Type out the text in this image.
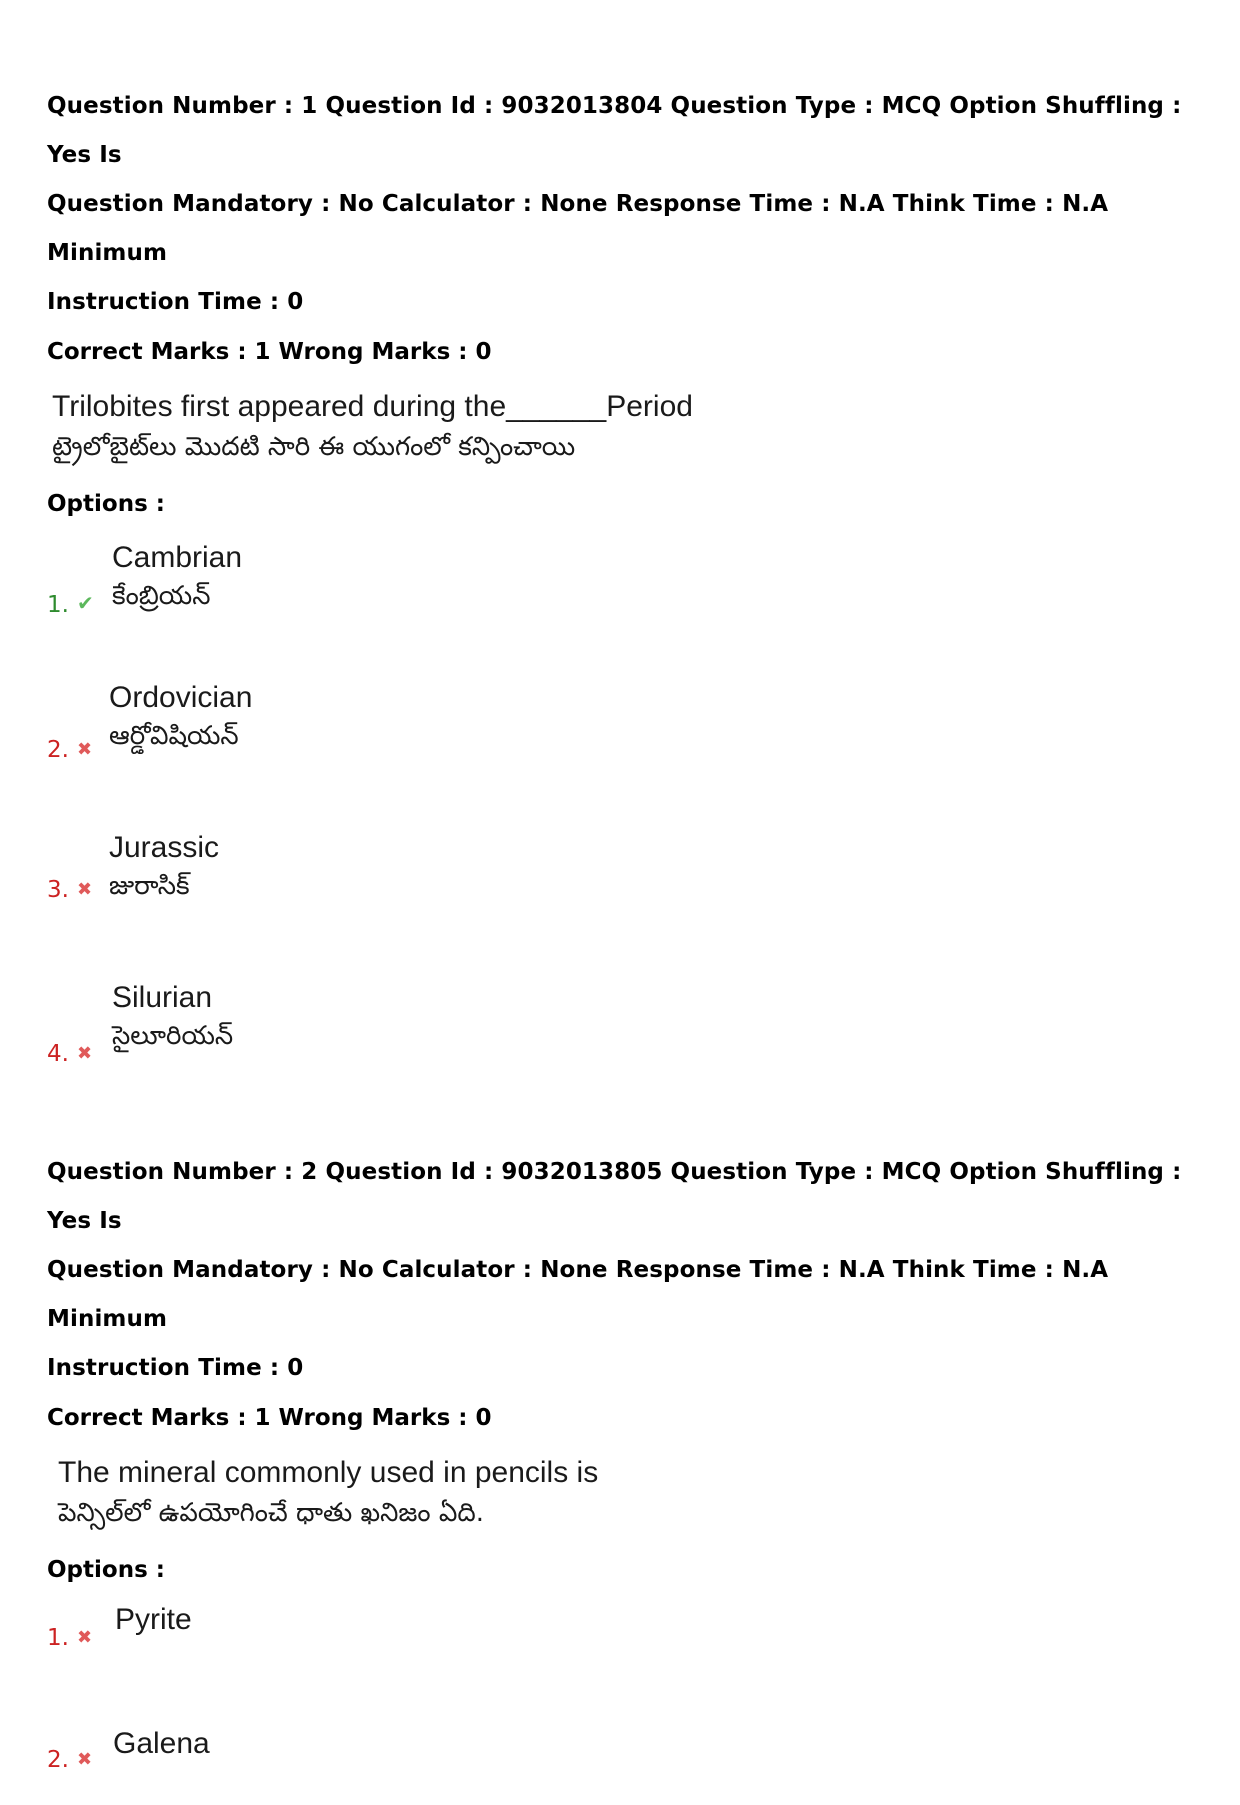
Question Number : 1 Question Id : 9032013804 Question Type : MCQ Option Shuffling : Yes Is
Question Mandatory : No Calculator : None Response Time : N.A Think Time : N.A Minimum
Instruction Time : 0
Correct Marks : 1 Wrong Marks : 0
Trilobites first appeared during the______Period
ట్రైలోబైట్‌లు మొదటి సారి ఈ యుగంలో కన్పించాయి
Options :
Cambrian
కేంబ్రియన్
1. ✔
Ordovician
ఆర్డోవిషియన్
2. ✖
Jurassic
జురాసిక్
3. ✖
Silurian
సైలూరియన్
4. ✖
Question Number : 2 Question Id : 9032013805 Question Type : MCQ Option Shuffling : Yes Is
Question Mandatory : No Calculator : None Response Time : N.A Think Time : N.A Minimum
Instruction Time : 0
Correct Marks : 1 Wrong Marks : 0
The mineral commonly used in pencils is
పెన్సిల్‌లో ఉపయోగించే ధాతు ఖనిజం ఏది.
Options :
Pyrite
1. ✖
Galena
2. ✖
